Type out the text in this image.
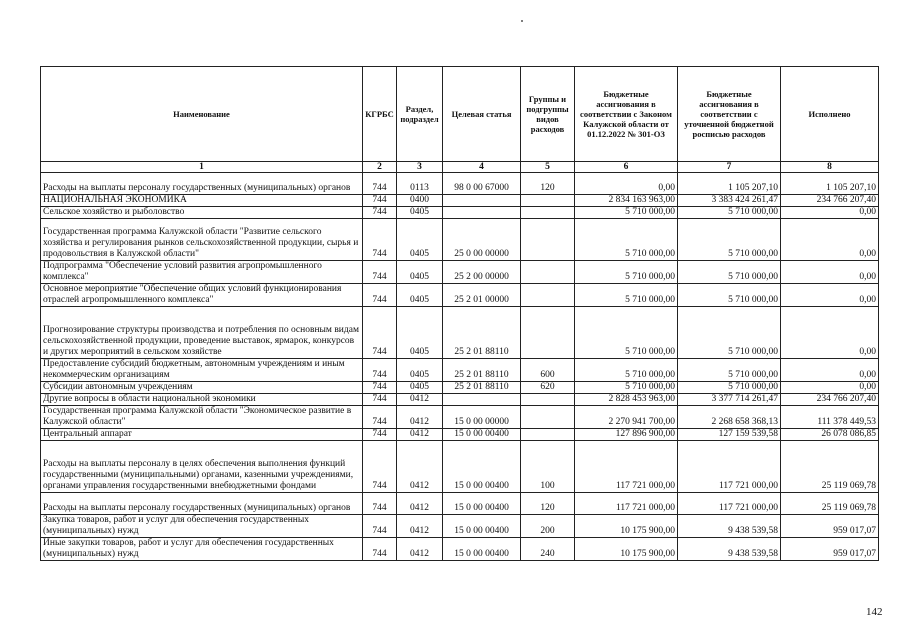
Наименование	КГРБС	Раздел, подраздел	Целевая статья	Группы и подгруппы видов расходов	Бюджетные ассигнования в соответствии с Законом Калужской области от 01.12.2022 № 301-ОЗ	Бюджетные ассигнования в соответствии с уточненной бюджетной росписью расходов	Исполнено
1	2	3	4	5	6	7	8
Расходы на выплаты персоналу государственных (муниципальных) органов	744	0113	98 0 00 67000	120	0,00	1 105 207,10	1 105 207,10
НАЦИОНАЛЬНАЯ ЭКОНОМИКА	744	0400			2 834 163 963,00	3 383 424 261,47	234 766 207,40
Сельское хозяйство и рыболовство	744	0405			5 710 000,00	5 710 000,00	0,00
Государственная программа Калужской области "Развитие сельского хозяйства и регулирования рынков сельскохозяйственной продукции, сырья и продовольствия в Калужской области"	744	0405	25 0 00 00000		5 710 000,00	5 710 000,00	0,00
Подпрограмма "Обеспечение условий развития агропромышленного комплекса"	744	0405	25 2 00 00000		5 710 000,00	5 710 000,00	0,00
Основное мероприятие "Обеспечение общих условий функционирования отраслей агропромышленного комплекса"	744	0405	25 2 01 00000		5 710 000,00	5 710 000,00	0,00
Прогнозирование структуры производства и потребления по основным видам сельскохозяйственной продукции, проведение выставок, ярмарок, конкурсов и других мероприятий в сельском хозяйстве	744	0405	25 2 01 88110		5 710 000,00	5 710 000,00	0,00
Предоставление субсидий бюджетным, автономным учреждениям и иным некоммерческим организациям	744	0405	25 2 01 88110	600	5 710 000,00	5 710 000,00	0,00
Субсидии автономным учреждениям	744	0405	25 2 01 88110	620	5 710 000,00	5 710 000,00	0,00
Другие вопросы в области национальной экономики	744	0412			2 828 453 963,00	3 377 714 261,47	234 766 207,40
Государственная программа Калужской области "Экономическое развитие в Калужской области"	744	0412	15 0 00 00000		2 270 941 700,00	2 268 658 368,13	111 378 449,53
Центральный аппарат	744	0412	15 0 00 00400		127 896 900,00	127 159 539,58	26 078 086,85
Расходы на выплаты персоналу в целях обеспечения выполнения функций государственными (муниципальными) органами, казенными учреждениями, органами управления государственными внебюджетными фондами	744	0412	15 0 00 00400	100	117 721 000,00	117 721 000,00	25 119 069,78
Расходы на выплаты персоналу государственных (муниципальных) органов	744	0412	15 0 00 00400	120	117 721 000,00	117 721 000,00	25 119 069,78
Закупка товаров, работ и услуг для обеспечения государственных (муниципальных) нужд	744	0412	15 0 00 00400	200	10 175 900,00	9 438 539,58	959 017,07
Иные закупки товаров, работ и услуг для обеспечения государственных (муниципальных) нужд	744	0412	15 0 00 00400	240	10 175 900,00	9 438 539,58	959 017,07
142
